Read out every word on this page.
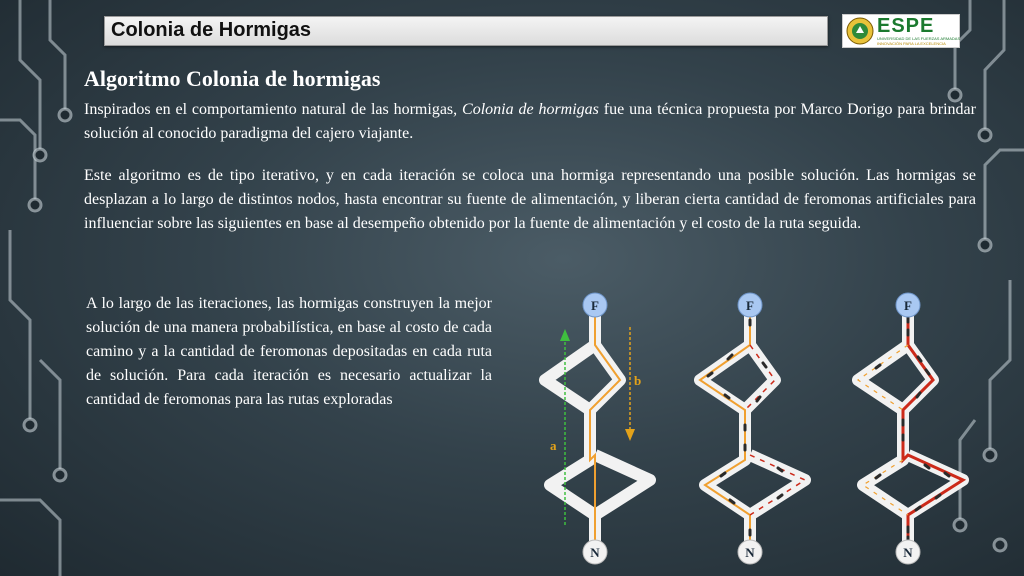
Colonia de Hormigas	ESPE
UNIVERSIDAD DE LAS FUERZAS ARMADAS
INNOVACIÓN PARA LA EXCELENCIA
Algoritmo Colonia de hormigas

Inspirados en el comportamiento natural de las hormigas, Colonia de hormigas fue una técnica propuesta por Marco Dorigo para brindar solución al conocido paradigma del cajero viajante.

Este algoritmo es de tipo iterativo, y en cada iteración se coloca una hormiga representando una posible solución. Las hormigas se desplazan a lo largo de distintos nodos, hasta encontrar su fuente de alimentación, y liberan cierta cantidad de feromonas artificiales para influenciar sobre las siguientes en base al desempeño obtenido por la fuente de alimentación y el costo de la ruta seguida.

A lo largo de las iteraciones, las hormigas construyen la mejor solución de una manera probabilística, en base al costo de cada camino y a la cantidad de feromonas depositadas en cada ruta de solución. Para cada iteración es necesario actualizar la cantidad de feromonas para las rutas exploradas

a
b
F
N
F
N
F
N
